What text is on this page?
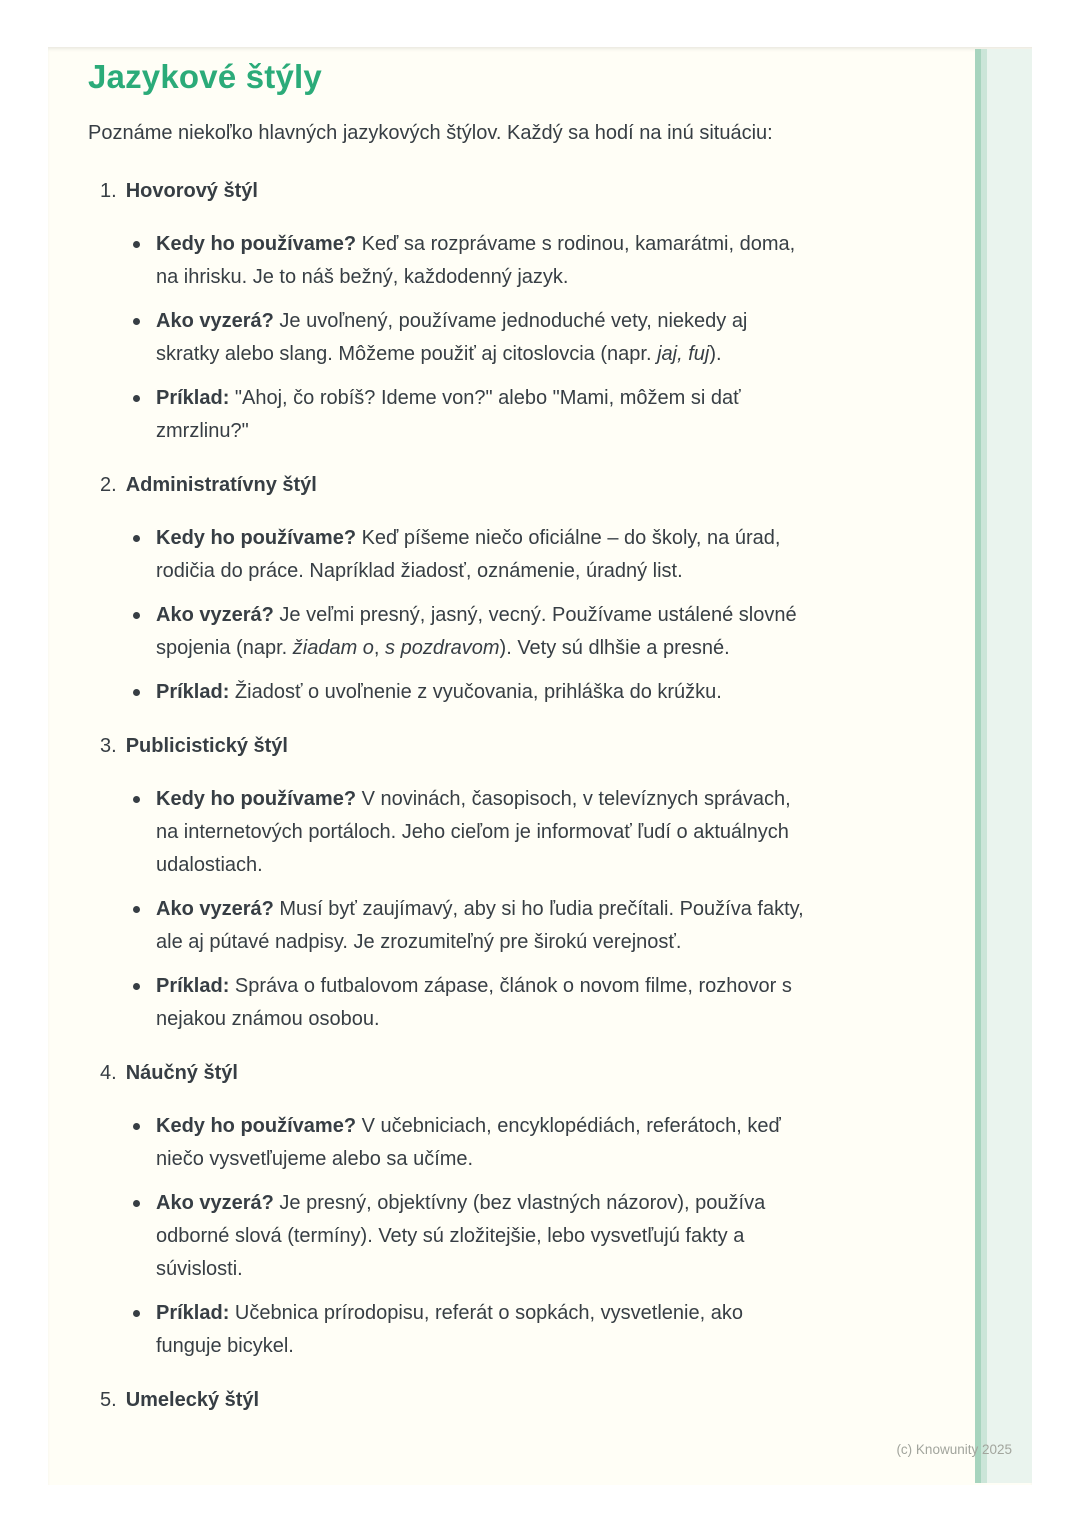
Jazykové štýly

Poznáme niekoľko hlavných jazykových štýlov. Každý sa hodí na inú situáciu:

1. Hovorový štýl
Kedy ho používame? Keď sa rozprávame s rodinou, kamarátmi, doma, na ihrisku. Je to náš bežný, každodenný jazyk.
Ako vyzerá? Je uvoľnený, používame jednoduché vety, niekedy aj skratky alebo slang. Môžeme použiť aj citoslovcia (napr. jaj, fuj).
Príklad: "Ahoj, čo robíš? Ideme von?" alebo "Mami, môžem si dať zmrzlinu?"
2. Administratívny štýl
Kedy ho používame? Keď píšeme niečo oficiálne – do školy, na úrad, rodičia do práce. Napríklad žiadosť, oznámenie, úradný list.
Ako vyzerá? Je veľmi presný, jasný, vecný. Používame ustálené slovné spojenia (napr. žiadam o, s pozdravom). Vety sú dlhšie a presné.
Príklad: Žiadosť o uvoľnenie z vyučovania, prihláška do krúžku.
3. Publicistický štýl
Kedy ho používame? V novinách, časopisoch, v televíznych správach, na internetových portáloch. Jeho cieľom je informovať ľudí o aktuálnych udalostiach.
Ako vyzerá? Musí byť zaujímavý, aby si ho ľudia prečítali. Používa fakty, ale aj pútavé nadpisy. Je zrozumiteľný pre širokú verejnosť.
Príklad: Správa o futbalovom zápase, článok o novom filme, rozhovor s nejakou známou osobou.
4. Náučný štýl
Kedy ho používame? V učebniciach, encyklopédiách, referátoch, keď niečo vysvetľujeme alebo sa učíme.
Ako vyzerá? Je presný, objektívny (bez vlastných názorov), používa odborné slová (termíny). Vety sú zložitejšie, lebo vysvetľujú fakty a súvislosti.
Príklad: Učebnica prírodopisu, referát o sopkách, vysvetlenie, ako funguje bicykel.
5. Umelecký štýl
(c) Knowunity 2025
